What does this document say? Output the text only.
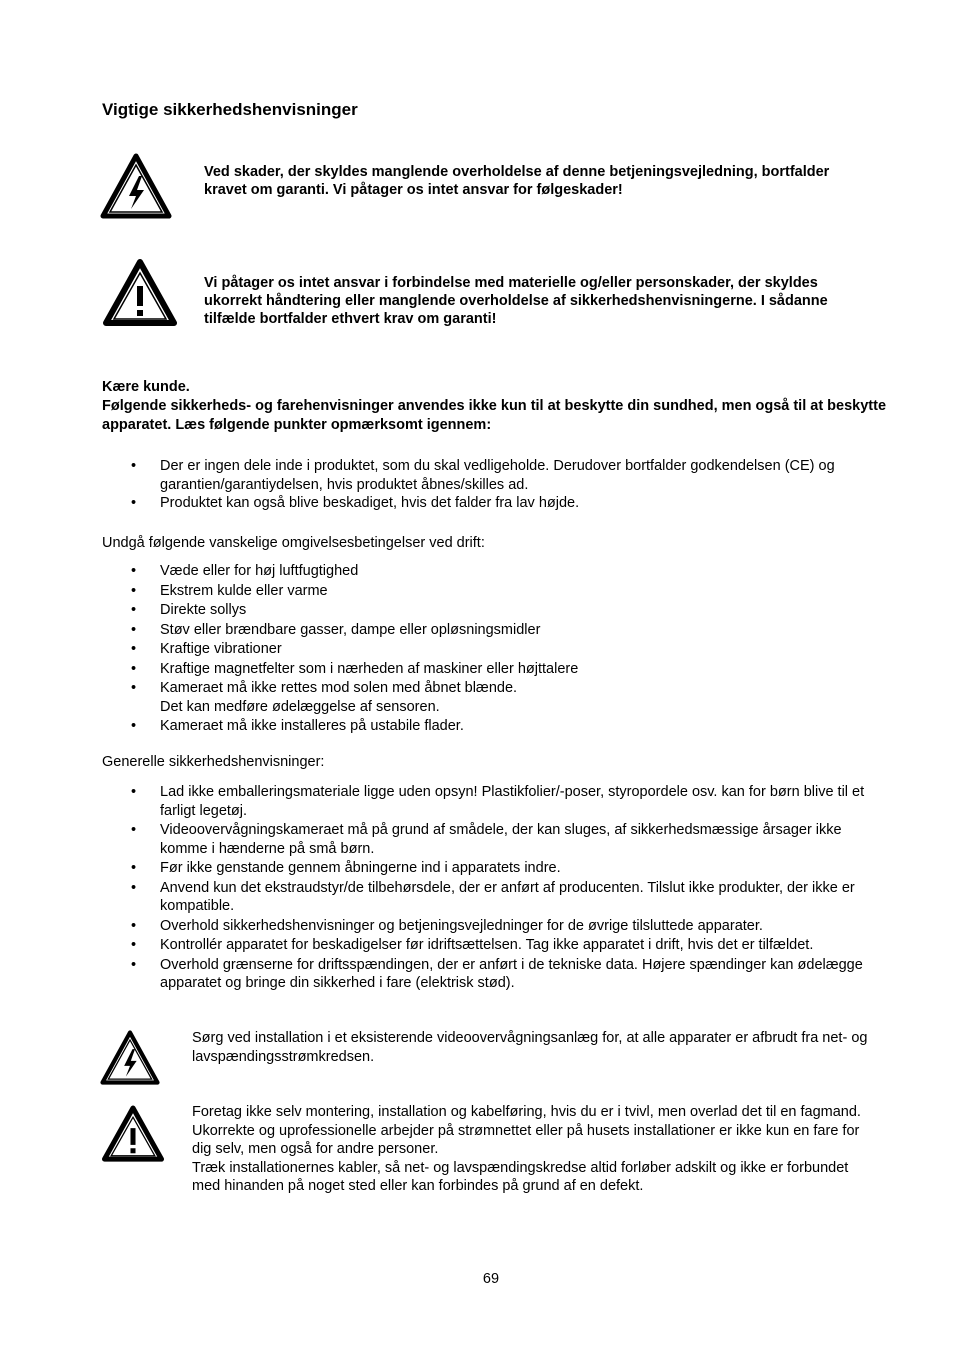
Vigtige sikkerhedshenvisninger
Ved skader, der skyldes manglende overholdelse af denne betjeningsvejledning, bortfalder kravet om garanti. Vi påtager os intet ansvar for følgeskader!
Vi påtager os intet ansvar i forbindelse med materielle og/eller personskader, der skyldes ukorrekt håndtering eller manglende overholdelse af sikkerhedshenvisningerne. I sådanne tilfælde bortfalder ethvert krav om garanti!
Kære kunde.
Følgende sikkerheds- og farehenvisninger anvendes ikke kun til at beskytte din sundhed, men også til at beskytte apparatet. Læs følgende punkter opmærksomt igennem:
• Der er ingen dele inde i produktet, som du skal vedligeholde. Derudover bortfalder godkendelsen (CE) og garantien/garantiydelsen, hvis produktet åbnes/skilles ad.
• Produktet kan også blive beskadiget, hvis det falder fra lav højde.
Undgå følgende vanskelige omgivelsesbetingelser ved drift:
• Væde eller for høj luftfugtighed
• Ekstrem kulde eller varme
• Direkte sollys
• Støv eller brændbare gasser, dampe eller opløsningsmidler
• Kraftige vibrationer
• Kraftige magnetfelter som i nærheden af maskiner eller højttalere
• Kameraet må ikke rettes mod solen med åbnet blænde.
Det kan medføre ødelæggelse af sensoren.
• Kameraet må ikke installeres på ustabile flader.
Generelle sikkerhedshenvisninger:
• Lad ikke emballeringsmateriale ligge uden opsyn! Plastikfolier/-poser, styropordele osv. kan for børn blive til et farligt legetøj.
• Videoovervågningskameraet må på grund af smådele, der kan sluges, af sikkerhedsmæssige årsager ikke komme i hænderne på små børn.
• Før ikke genstande gennem åbningerne ind i apparatets indre.
• Anvend kun det ekstraudstyr/de tilbehørsdele, der er anført af producenten. Tilslut ikke produkter, der ikke er kompatible.
• Overhold sikkerhedshenvisninger og betjeningsvejledninger for de øvrige tilsluttede apparater.
• Kontrollér apparatet for beskadigelser før idriftsættelsen. Tag ikke apparatet i drift, hvis det er tilfældet.
• Overhold grænserne for driftsspændingen, der er anført i de tekniske data. Højere spændinger kan ødelægge apparatet og bringe din sikkerhed i fare (elektrisk stød).
Sørg ved installation i et eksisterende videoovervågningsanlæg for, at alle apparater er afbrudt fra net- og lavspændingsstrømkredsen.
Foretag ikke selv montering, installation og kabelføring, hvis du er i tvivl, men overlad det til en fagmand. Ukorrekte og uprofessionelle arbejder på strømnettet eller på husets installationer er ikke kun en fare for dig selv, men også for andre personer.
Træk installationernes kabler, så net- og lavspændingskredse altid forløber adskilt og ikke er forbundet med hinanden på noget sted eller kan forbindes på grund af en defekt.
69
